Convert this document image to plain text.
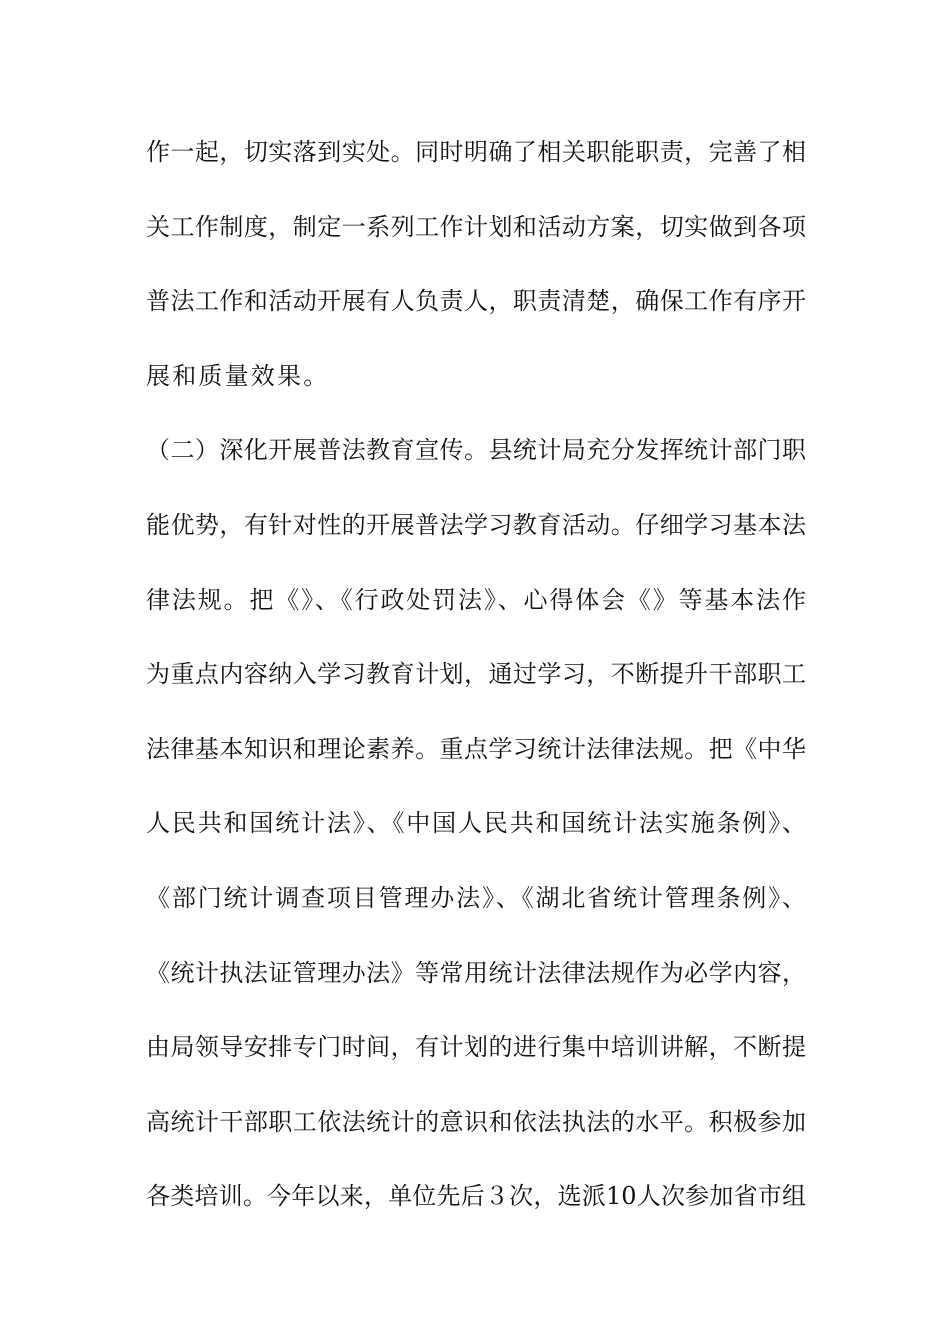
作一起，切实落到实处。同时明确了相关职能职责，完善了相
关工作制度，制定一系列工作计划和活动方案，切实做到各项
普法工作和活动开展有人负责人，职责清楚，确保工作有序开
展和质量效果。
（二）深化开展普法教育宣传。县统计局充分发挥统计部门职
能优势，有针对性的开展普法学习教育活动。仔细学习基本法
律法规。把《》、《行政处罚法》、心得体会《》等基本法作
为重点内容纳入学习教育计划，通过学习，不断提升干部职工
法律基本知识和理论素养。重点学习统计法律法规。把《中华
人民共和国统计法》、《中国人民共和国统计法实施条例》、
《部门统计调查项目管理办法》、《湖北省统计管理条例》、
《统计执法证管理办法》等常用统计法律法规作为必学内容，
由局领导安排专门时间，有计划的进行集中培训讲解，不断提
高统计干部职工依法统计的意识和依法执法的水平。积极参加
各类培训。今年以来，单位先后３次，选派10人次参加省市组
